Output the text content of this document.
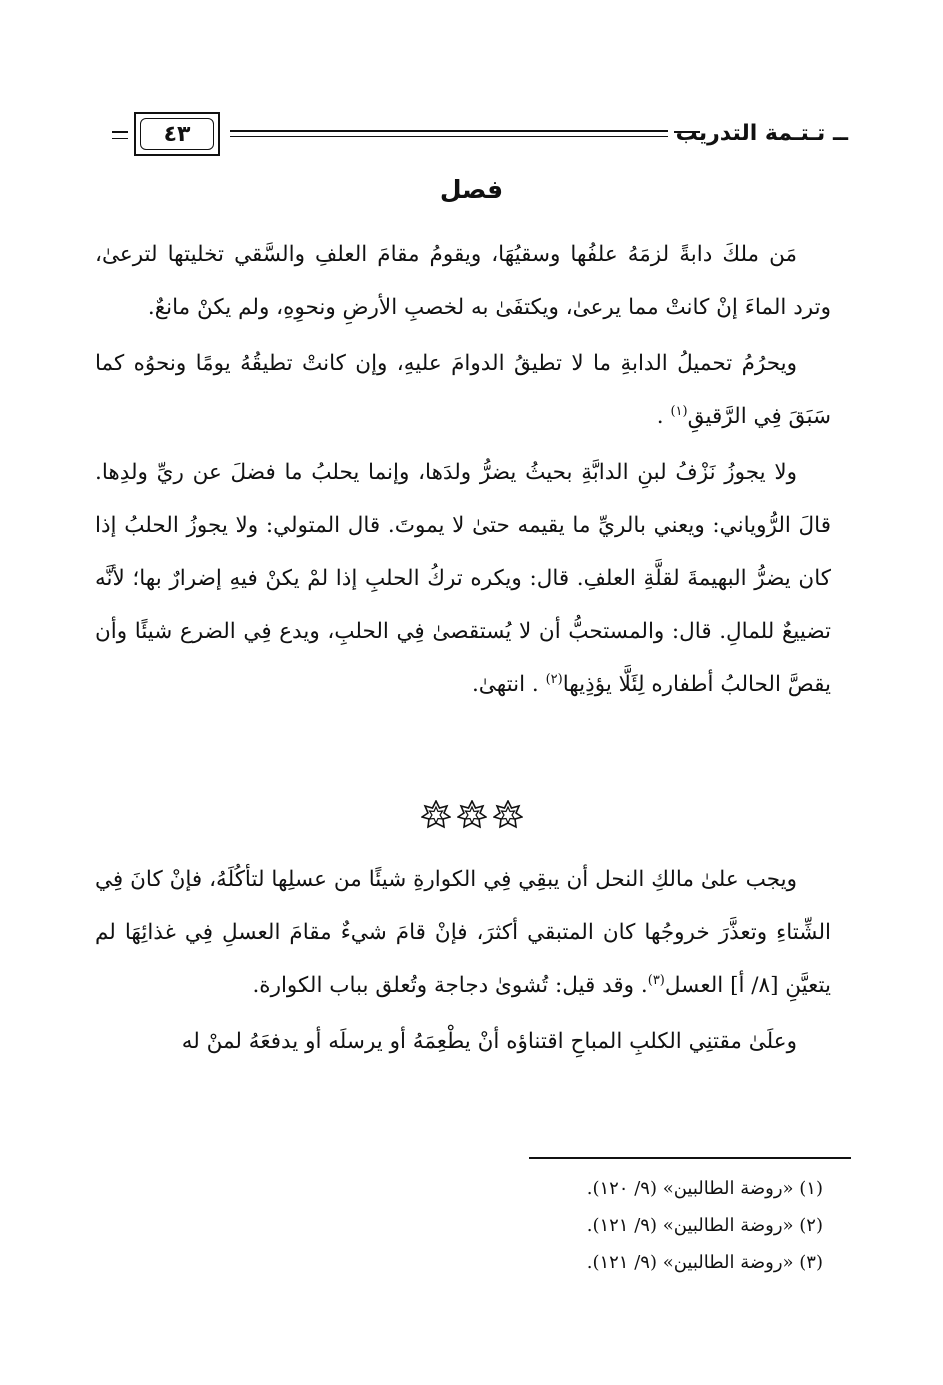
ــ تـتـمة التدريب
٤٣
فصل

مَن ملكَ دابةً لزمَهُ علفُها وسقيُهَا، ويقومُ مقامَ العلفِ والسَّقي تخليتها لترعىٰ، وترد الماءَ إنْ كانتْ مما يرعىٰ، ويكتفَىٰ به لخصبِ الأرضِ ونحوِهِ، ولم يكنْ مانعٌ.

ويحرُمُ تحميلُ الدابةِ ما لا تطيقُ الدوامَ عليهِ، وإن كانتْ تطيقُهُ يومًا ونحوُه كما سَبَقَ فِي الرَّقيقِ$^{(١)}$ .

ولا يجوزُ نَزْفُ لبنِ الدابَّةِ بحيثُ يضرُّ ولدَها، وإنما يحلبُ ما فضلَ عن ريِّ ولدِها. قالَ الرُّوياني: ويعني بالريِّ ما يقيمه حتىٰ لا يموتَ. قال المتولي: ولا يجوزُ الحلبُ إذا كان يضرُّ البهيمةَ لقلَّةِ العلفِ. قال: ويكره تركُ الحلبِ إذا لمْ يكنْ فيهِ إضرارٌ بها؛ لأنَّه تضييعٌ للمالِ. قال: والمستحبُّ أن لا يُستقصىٰ فِي الحلبِ، ويدع فِي الضرع شيئًا وأن يقصَّ الحالبُ أطفاره لِئَلَّا يؤذِيها$^{(٢)}$ . انتهىٰ.

ويجب علىٰ مالكِ النحل أن يبقِي فِي الكوارةِ شيئًا من عسلِها لتأكُلَهُ، فإنْ كانَ فِي الشِّتاءِ وتعذَّرَ خروجُها كان المتبقي أكثرَ، فإنْ قامَ شيءٌ مقامَ العسلِ فِي غذائِهَا لم يتعيَّنِ [٨/ أ] العسل$^{(٣)}$. وقد قيل: تُشوىٰ دجاجة وتُعلق بباب الكوارة.

وعلَىٰ مقتنِي الكلبِ المباحِ اقتناؤه أنْ يطْعِمَهُ أو يرسلَه أو يدفعَهُ لمنْ له

(١) «روضة الطالبين» (٩/ ١٢٠).
(٢) «روضة الطالبين» (٩/ ١٢١).
(٣) «روضة الطالبين» (٩/ ١٢١).
